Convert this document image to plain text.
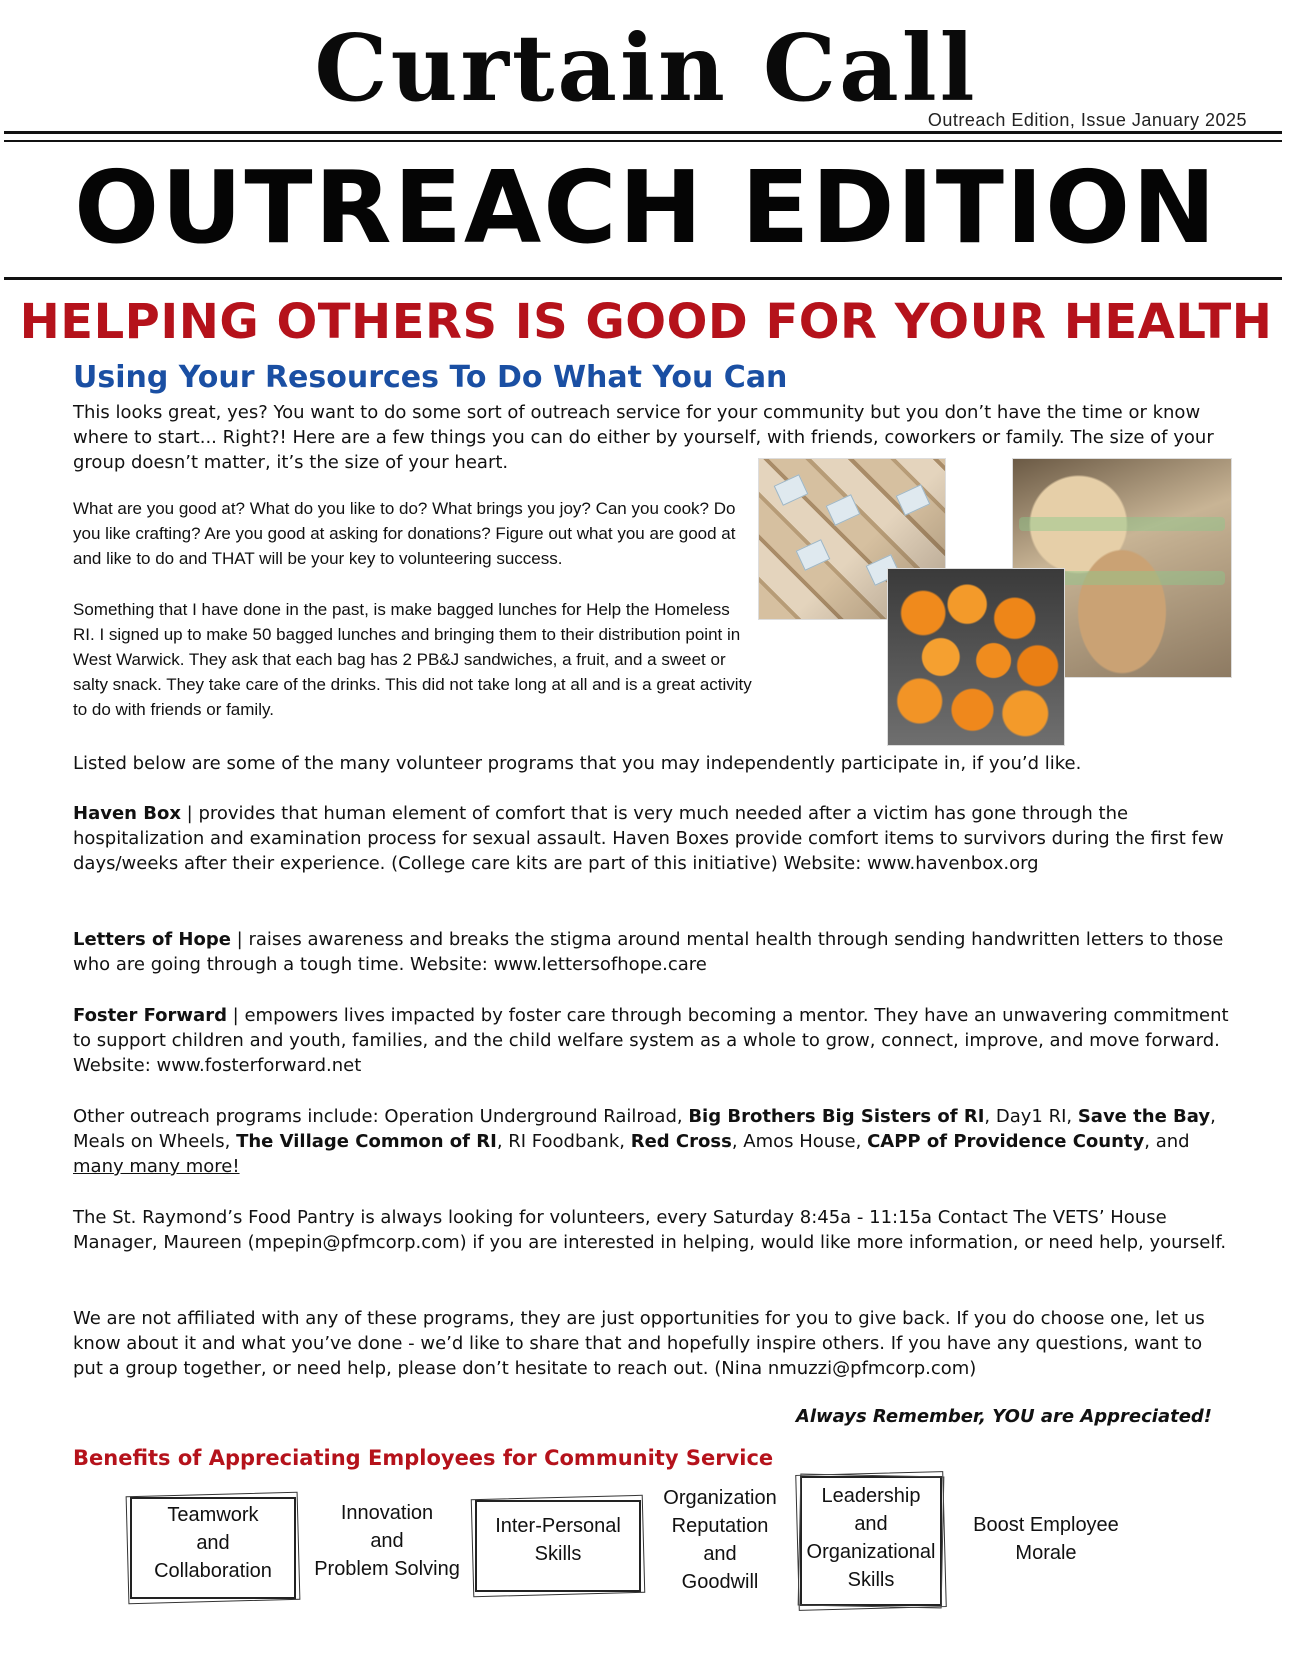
Curtain Call
Outreach Edition, Issue January 2025
OUTREACH EDITION
HELPING OTHERS IS GOOD FOR YOUR HEALTH
Using Your Resources To Do What You Can

This looks great, yes? You want to do some sort of outreach service for your community but you don’t have the time or know where to start... Right?! Here are a few things you can do either by yourself, with friends, coworkers or family. The size of your group doesn’t matter, it’s the size of your heart.

What are you good at? What do you like to do? What brings you joy? Can you cook? Do you like crafting? Are you good at asking for donations? Figure out what you are good at and like to do and THAT will be your key to volunteering success.

Something that I have done in the past, is make bagged lunches for Help the Homeless RI. I signed up to make 50 bagged lunches and bringing them to their distribution point in West Warwick. They ask that each bag has 2 PB&J sandwiches, a fruit, and a sweet or salty snack. They take care of the drinks. This did not take long at all and is a great activity to do with friends or family.

Listed below are some of the many volunteer programs that you may independently participate in, if you’d like.

Haven Box | provides that human element of comfort that is very much needed after a victim has gone through the hospitalization and examination process for sexual assault. Haven Boxes provide comfort items to survivors during the first few days/weeks after their experience. (College care kits are part of this initiative) Website: www.havenbox.org

Letters of Hope | raises awareness and breaks the stigma around mental health through sending handwritten letters to those who are going through a tough time. Website: www.lettersofhope.care

Foster Forward | empowers lives impacted by foster care through becoming a mentor. They have an unwavering commitment to support children and youth, families, and the child welfare system as a whole to grow, connect, improve, and move forward. Website: www.fosterforward.net

Other outreach programs include: Operation Underground Railroad, Big Brothers Big Sisters of RI, Day1 RI, Save the Bay, Meals on Wheels, The Village Common of RI, RI Foodbank, Red Cross, Amos House, CAPP of Providence County, and many many more!

The St. Raymond’s Food Pantry is always looking for volunteers, every Saturday 8:45a - 11:15a Contact The VETS’ House Manager, Maureen (mpepin@pfmcorp.com) if you are interested in helping, would like more information, or need help, yourself.

We are not affiliated with any of these programs, they are just opportunities for you to give back. If you do choose one, let us know about it and what you’ve done - we’d like to share that and hopefully inspire others. If you have any questions, want to put a group together, or need help, please don’t hesitate to reach out. (Nina nmuzzi@pfmcorp.com)

Always Remember, YOU are Appreciated!
Benefits of Appreciating Employees for Community Service
Teamwork
and
Collaboration
Innovation
and
Problem Solving
Inter-Personal
Skills
Organization
Reputation
and
Goodwill
Leadership
and
Organizational
Skills
Boost Employee
Morale
